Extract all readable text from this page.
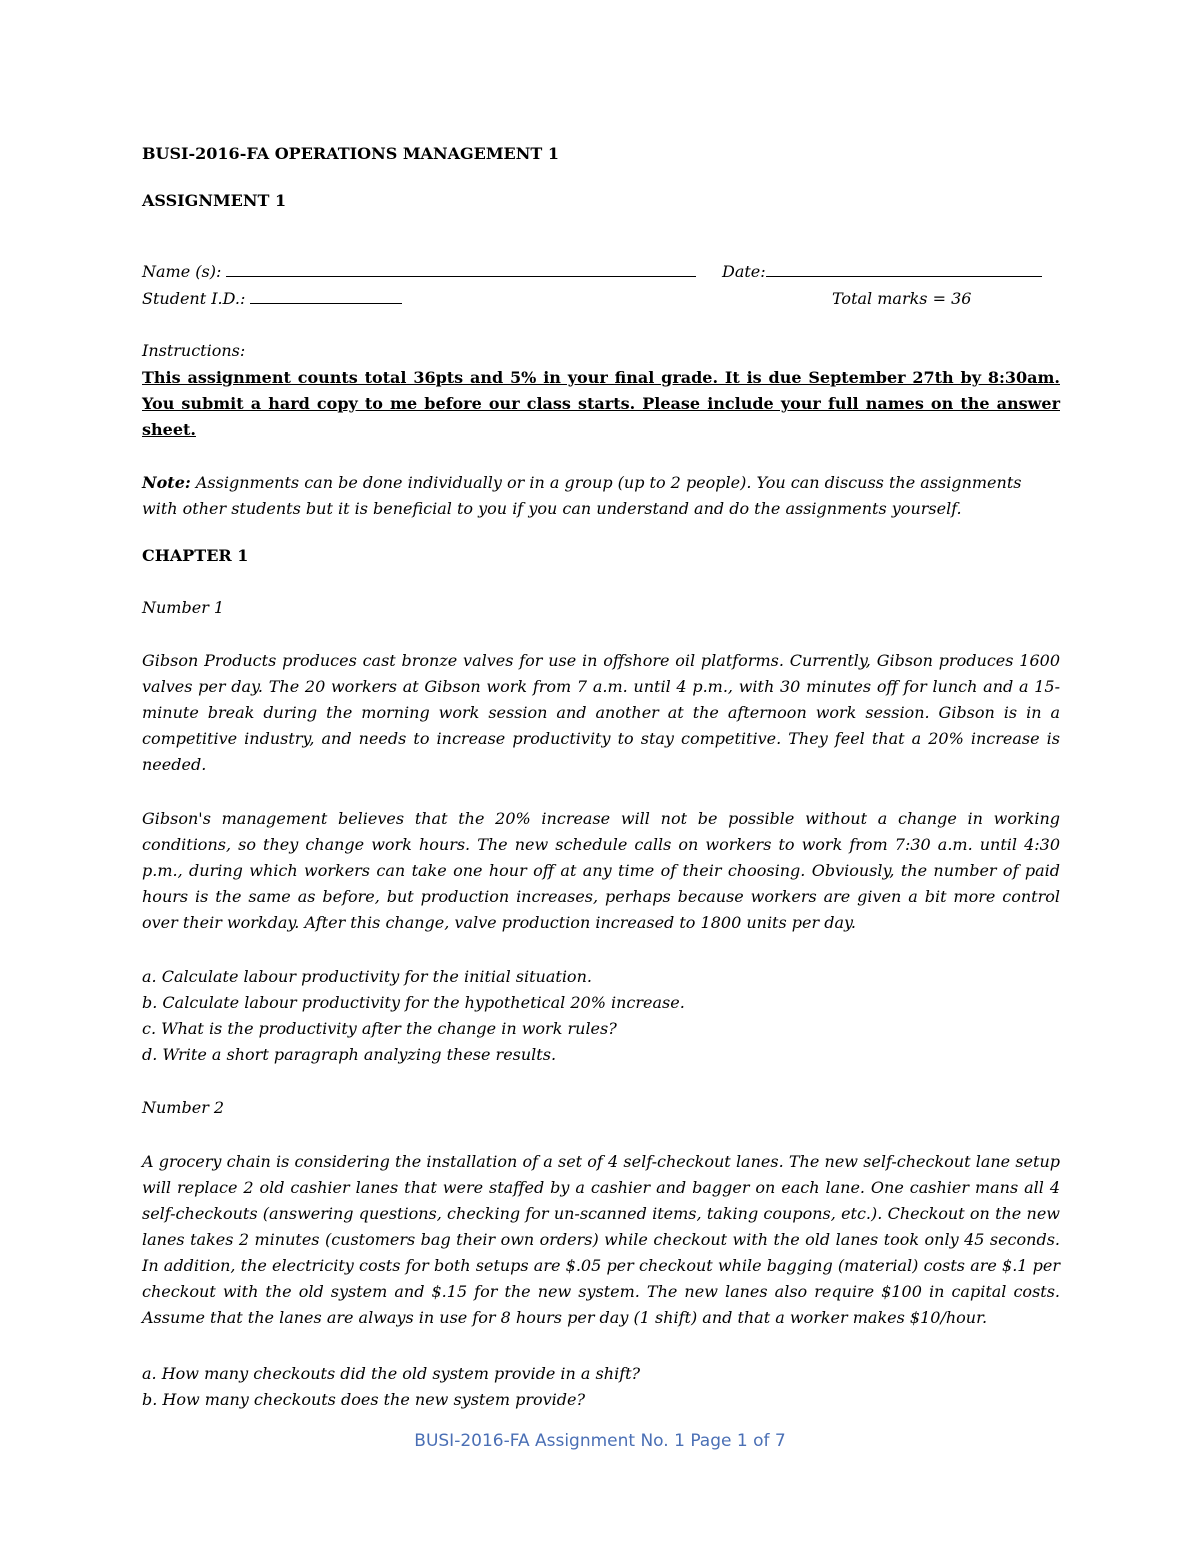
BUSI-2016-FA OPERATIONS MANAGEMENT 1

ASSIGNMENT 1

Name (s):	Date:

Student I.D.:	Total marks = 36

Instructions:

This assignment counts total 36pts and 5% in your final grade. It is due September 27th by 8:30am. You submit a hard copy to me before our class starts. Please include your full names on the answer sheet.

Note: Assignments can be done individually or in a group (up to 2 people). You can discuss the assignments with other students but it is beneficial to you if you can understand and do the assignments yourself.

CHAPTER 1

Number 1

Gibson Products produces cast bronze valves for use in offshore oil platforms. Currently, Gibson produces 1600 valves per day. The 20 workers at Gibson work from 7 a.m. until 4 p.m., with 30 minutes off for lunch and a 15-minute break during the morning work session and another at the afternoon work session. Gibson is in a competitive industry, and needs to increase productivity to stay competitive. They feel that a 20% increase is needed.

Gibson's management believes that the 20% increase will not be possible without a change in working conditions, so they change work hours. The new schedule calls on workers to work from 7:30 a.m. until 4:30 p.m., during which workers can take one hour off at any time of their choosing. Obviously, the number of paid hours is the same as before, but production increases, perhaps because workers are given a bit more control over their workday. After this change, valve production increased to 1800 units per day.

a. Calculate labour productivity for the initial situation.

b. Calculate labour productivity for the hypothetical 20% increase.

c. What is the productivity after the change in work rules?

d. Write a short paragraph analyzing these results.

Number 2

A grocery chain is considering the installation of a set of 4 self-checkout lanes. The new self-checkout lane setup will replace 2 old cashier lanes that were staffed by a cashier and bagger on each lane. One cashier mans all 4 self-checkouts (answering questions, checking for un-scanned items, taking coupons, etc.). Checkout on the new lanes takes 2 minutes (customers bag their own orders) while checkout with the old lanes took only 45 seconds. In addition, the electricity costs for both setups are $.05 per checkout while bagging (material) costs are $.1 per checkout with the old system and $.15 for the new system. The new lanes also require $100 in capital costs. Assume that the lanes are always in use for 8 hours per day (1 shift) and that a worker makes $10/hour.

a. How many checkouts did the old system provide in a shift?

b. How many checkouts does the new system provide?

BUSI-2016-FA Assignment No. 1 Page 1 of 7
